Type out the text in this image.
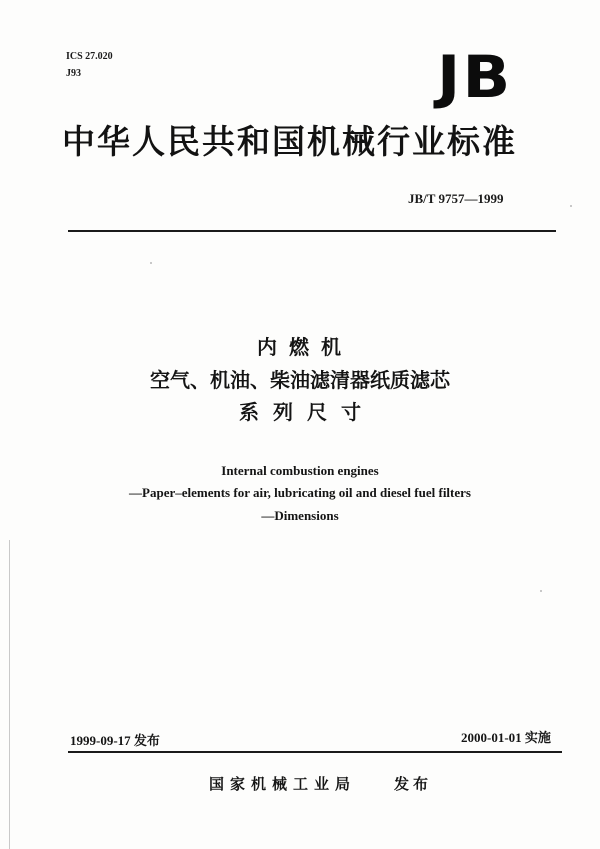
ICS 27.020
J93	JB
中华人民共和国机械行业标准
JB/T 9757—1999
内燃机
空气、机油、柴油滤清器纸质滤芯
系列尺寸
Internal combustion engines
—Paper–elements for air, lubricating oil and diesel fuel filters
—Dimensions
1999-09-17 发布	2000-01-01 实施
国家机械工业局	发布
